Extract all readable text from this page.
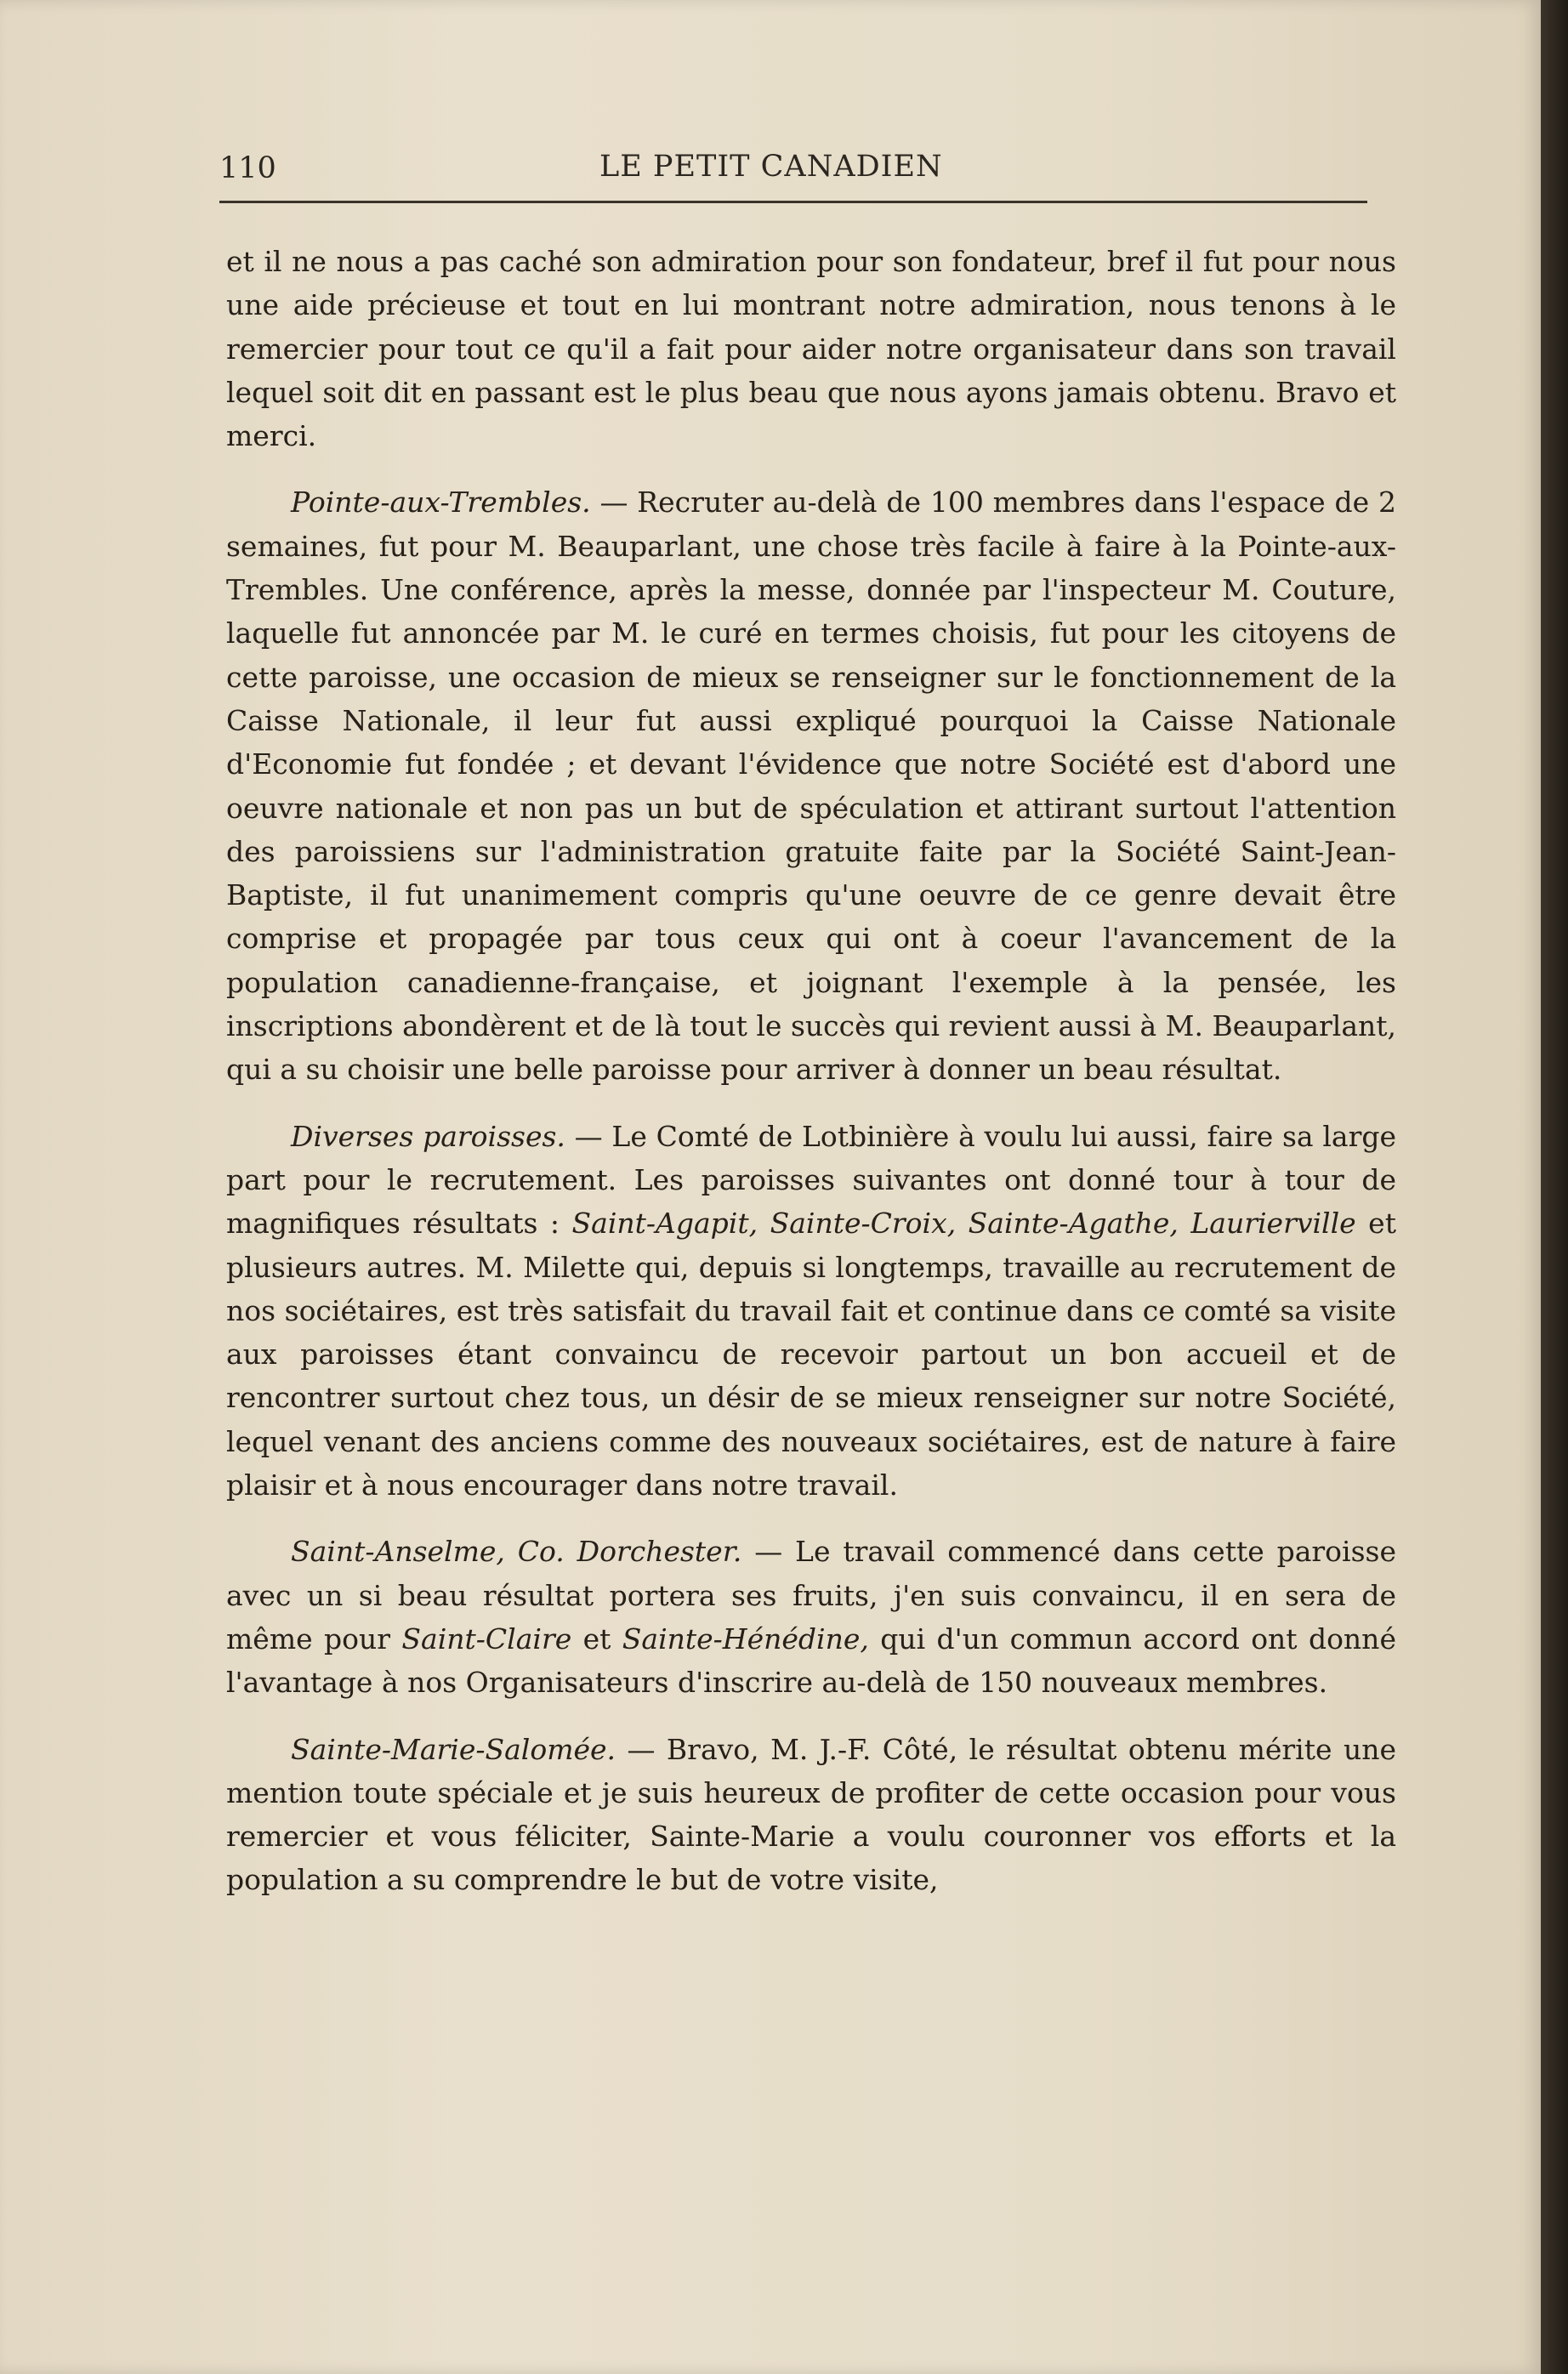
110	LE PETIT CANADIEN

et il ne nous a pas caché son admiration pour son fondateur, bref il fut pour nous une aide précieuse et tout en lui montrant notre admiration, nous tenons à le remercier pour tout ce qu'il a fait pour aider notre organisateur dans son travail lequel soit dit en passant est le plus beau que nous ayons jamais obtenu. Bravo et merci.

Pointe-aux-Trembles. — Recruter au-delà de 100 membres dans l'espace de 2 semaines, fut pour M. Beauparlant, une chose très facile à faire à la Pointe-aux-Trembles. Une conférence, après la messe, donnée par l'inspecteur M. Couture, laquelle fut annoncée par M. le curé en termes choisis, fut pour les citoyens de cette paroisse, une occasion de mieux se renseigner sur le fonctionnement de la Caisse Nationale, il leur fut aussi expliqué pourquoi la Caisse Nationale d'Economie fut fondée ; et devant l'évidence que notre Société est d'abord une oeuvre nationale et non pas un but de spéculation et attirant surtout l'attention des paroissiens sur l'administration gratuite faite par la Société Saint-Jean-Baptiste, il fut unanimement compris qu'une oeuvre de ce genre devait être comprise et propagée par tous ceux qui ont à coeur l'avancement de la population canadienne-française, et joignant l'exemple à la pensée, les inscriptions abondèrent et de là tout le succès qui revient aussi à M. Beauparlant, qui a su choisir une belle paroisse pour arriver à donner un beau résultat.

Diverses paroisses. — Le Comté de Lotbinière à voulu lui aussi, faire sa large part pour le recrutement. Les paroisses suivantes ont donné tour à tour de magnifiques résultats : Saint-Agapit, Sainte-Croix, Sainte-Agathe, Laurierville et plusieurs autres. M. Milette qui, depuis si longtemps, travaille au recrutement de nos sociétaires, est très satisfait du travail fait et continue dans ce comté sa visite aux paroisses étant convaincu de recevoir partout un bon accueil et de rencontrer surtout chez tous, un désir de se mieux renseigner sur notre Société, lequel venant des anciens comme des nouveaux sociétaires, est de nature à faire plaisir et à nous encourager dans notre travail.

Saint-Anselme, Co. Dorchester. — Le travail commencé dans cette paroisse avec un si beau résultat portera ses fruits, j'en suis convaincu, il en sera de même pour Saint-Claire et Sainte-Hénédine, qui d'un commun accord ont donné l'avantage à nos Organisateurs d'inscrire au-delà de 150 nouveaux membres.

Sainte-Marie-Salomée. — Bravo, M. J.-F. Côté, le résultat obtenu mérite une mention toute spéciale et je suis heureux de profiter de cette occasion pour vous remercier et vous féliciter, Sainte-Marie a voulu couronner vos efforts et la population a su comprendre le but de votre visite,
